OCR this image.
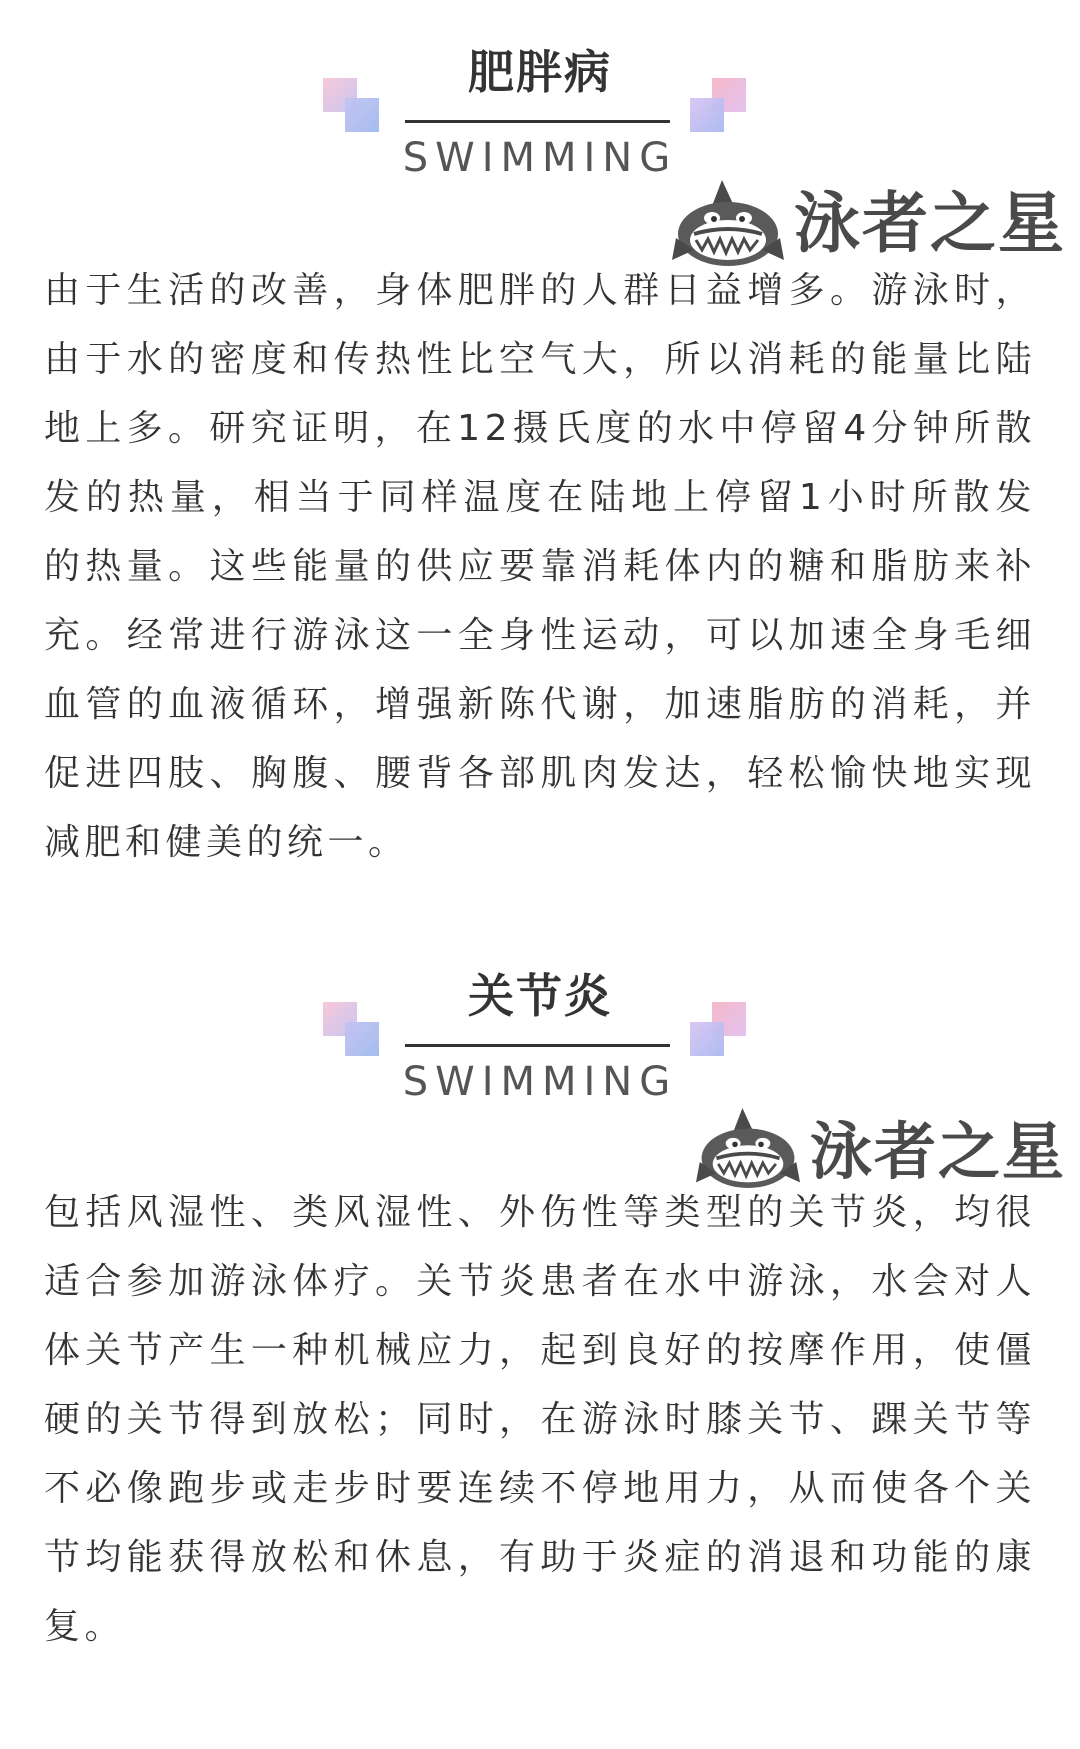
肥胖病
SWIMMING
泳者之星

由于生活的改善，身体肥胖的人群日益增多。游泳时，由于水的密度和传热性比空气大，所以消耗的能量比陆地上多。研究证明，在12摄氏度的水中停留4分钟所散发的热量，相当于同样温度在陆地上停留1小时所散发的热量。这些能量的供应要靠消耗体内的糖和脂肪来补充。经常进行游泳这一全身性运动，可以加速全身毛细血管的血液循环，增强新陈代谢，加速脂肪的消耗，并促进四肢、胸腹、腰背各部肌肉发达，轻松愉快地实现减肥和健美的统一。

关节炎
SWIMMING
泳者之星

包括风湿性、类风湿性、外伤性等类型的关节炎，均很适合参加游泳体疗。关节炎患者在水中游泳，水会对人体关节产生一种机械应力，起到良好的按摩作用，使僵硬的关节得到放松；同时，在游泳时膝关节、踝关节等不必像跑步或走步时要连续不停地用力，从而使各个关节均能获得放松和休息，有助于炎症的消退和功能的康复。
